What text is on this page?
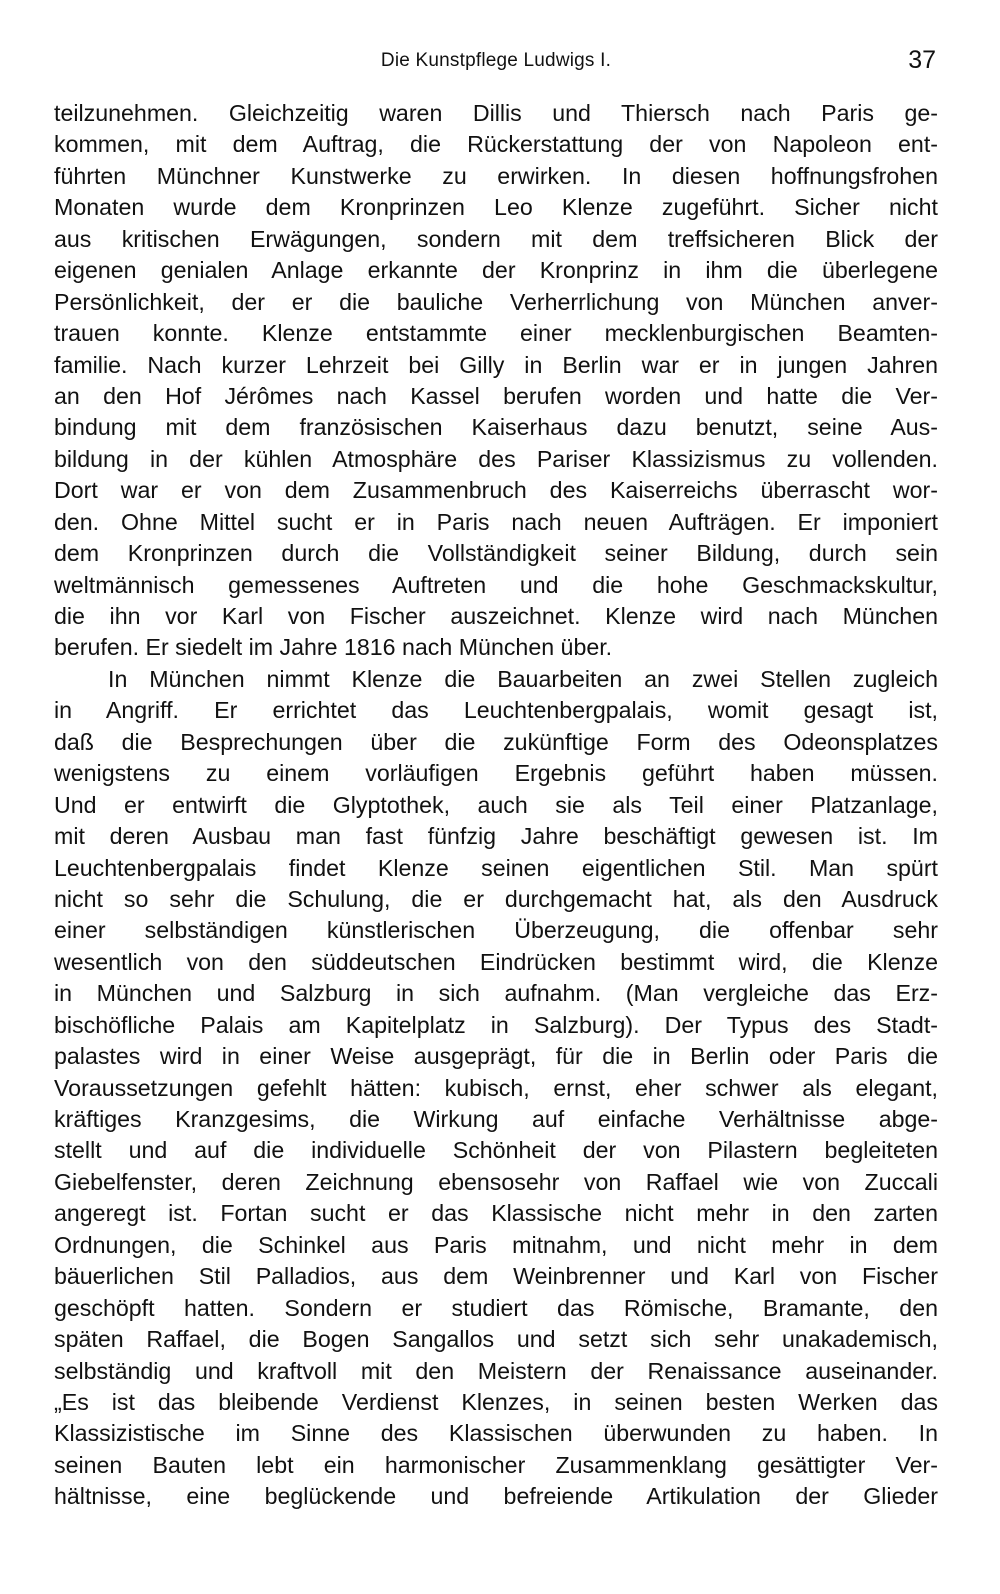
Die Kunstpflege Ludwigs I.	37
teilzunehmen. Gleichzeitig waren Dillis und Thiersch nach Paris ge-
kommen, mit dem Auftrag, die Rückerstattung der von Napoleon ent-
führten Münchner Kunstwerke zu erwirken. In diesen hoffnungsfrohen
Monaten wurde dem Kronprinzen Leo Klenze zugeführt. Sicher nicht
aus kritischen Erwägungen, sondern mit dem treffsicheren Blick der
eigenen genialen Anlage erkannte der Kronprinz in ihm die überlegene
Persönlichkeit, der er die bauliche Verherrlichung von München anver-
trauen konnte. Klenze entstammte einer mecklenburgischen Beamten-
familie. Nach kurzer Lehrzeit bei Gilly in Berlin war er in jungen Jahren
an den Hof Jérômes nach Kassel berufen worden und hatte die Ver-
bindung mit dem französischen Kaiserhaus dazu benutzt, seine Aus-
bildung in der kühlen Atmosphäre des Pariser Klassizismus zu vollenden.
Dort war er von dem Zusammenbruch des Kaiserreichs überrascht wor-
den. Ohne Mittel sucht er in Paris nach neuen Aufträgen. Er imponiert
dem Kronprinzen durch die Vollständigkeit seiner Bildung, durch sein
weltmännisch gemessenes Auftreten und die hohe Geschmackskultur,
die ihn vor Karl von Fischer auszeichnet. Klenze wird nach München
berufen. Er siedelt im Jahre 1816 nach München über.
In München nimmt Klenze die Bauarbeiten an zwei Stellen zugleich
in Angriff. Er errichtet das Leuchtenbergpalais, womit gesagt ist,
daß die Besprechungen über die zukünftige Form des Odeonsplatzes
wenigstens zu einem vorläufigen Ergebnis geführt haben müssen.
Und er entwirft die Glyptothek, auch sie als Teil einer Platzanlage,
mit deren Ausbau man fast fünfzig Jahre beschäftigt gewesen ist. Im
Leuchtenbergpalais findet Klenze seinen eigentlichen Stil. Man spürt
nicht so sehr die Schulung, die er durchgemacht hat, als den Ausdruck
einer selbständigen künstlerischen Überzeugung, die offenbar sehr
wesentlich von den süddeutschen Eindrücken bestimmt wird, die Klenze
in München und Salzburg in sich aufnahm. (Man vergleiche das Erz-
bischöfliche Palais am Kapitelplatz in Salzburg). Der Typus des Stadt-
palastes wird in einer Weise ausgeprägt, für die in Berlin oder Paris die
Voraussetzungen gefehlt hätten: kubisch, ernst, eher schwer als elegant,
kräftiges Kranzgesims, die Wirkung auf einfache Verhältnisse abge-
stellt und auf die individuelle Schönheit der von Pilastern begleiteten
Giebelfenster, deren Zeichnung ebensosehr von Raffael wie von Zuccali
angeregt ist. Fortan sucht er das Klassische nicht mehr in den zarten
Ordnungen, die Schinkel aus Paris mitnahm, und nicht mehr in dem
bäuerlichen Stil Palladios, aus dem Weinbrenner und Karl von Fischer
geschöpft hatten. Sondern er studiert das Römische, Bramante, den
späten Raffael, die Bogen Sangallos und setzt sich sehr unakademisch,
selbständig und kraftvoll mit den Meistern der Renaissance auseinander.
„Es ist das bleibende Verdienst Klenzes, in seinen besten Werken das
Klassizistische im Sinne des Klassischen überwunden zu haben. In
seinen Bauten lebt ein harmonischer Zusammenklang gesättigter Ver-
hältnisse, eine beglückende und befreiende Artikulation der Glieder
